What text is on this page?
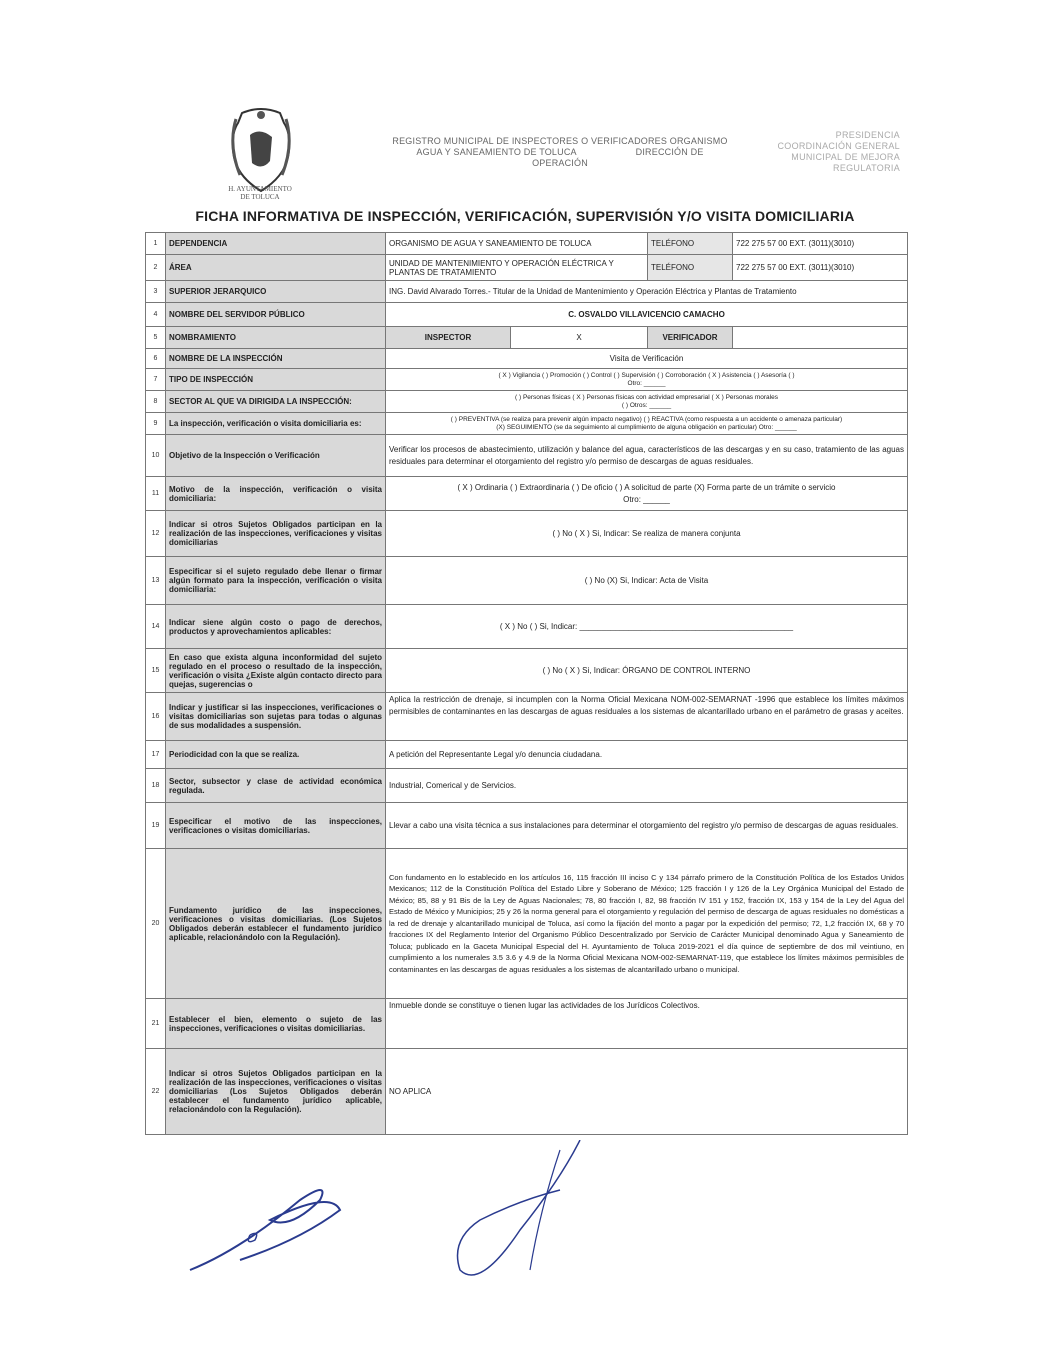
H. AYUNTAMIENTO
DE TOLUCA
REGISTRO MUNICIPAL DE INSPECTORES O VERIFICADORES ORGANISMO
AGUA Y SANEAMIENTO DE TOLUCA                      DIRECCIÓN DE
OPERACIÓN
PRESIDENCIA
COORDINACIÓN GENERAL
MUNICIPAL DE MEJORA
REGULATORIA
FICHA INFORMATIVA DE INSPECCIÓN, VERIFICACIÓN, SUPERVISIÓN Y/O VISITA DOMICILIARIA
1	DEPENDENCIA	ORGANISMO DE AGUA Y SANEAMIENTO DE TOLUCA		TELÉFONO	722 275 57 00 EXT. (3011)(3010)
2	ÁREA	UNIDAD DE MANTENIMIENTO Y OPERACIÓN ELÉCTRICA Y PLANTAS DE TRATAMIENTO		TELÉFONO	722 275 57 00 EXT. (3011)(3010)
3	SUPERIOR JERARQUICO	ING. David Alvarado Torres.- Titular de la Unidad de Mantenimiento y Operación Eléctrica y Plantas de Tratamiento			
4	NOMBRE DEL SERVIDOR PÚBLICO	C. OSVALDO VILLAVICENCIO CAMACHO			
5	NOMBRAMIENTO	INSPECTOR	X	VERIFICADOR	
6	NOMBRE DE LA INSPECCIÓN	Visita de Verificación			
7	TIPO DE INSPECCIÓN	( X ) Vigilancia ( ) Promoción ( ) Control ( ) Supervisión ( ) Corroboración ( X ) Asistencia ( ) Asesoría ( )
Otro: ______			

8	SECTOR AL QUE VA DIRIGIDA LA INSPECCIÓN:	( ) Personas físicas ( X ) Personas físicas con actividad empresarial ( X ) Personas morales
( ) Otros: ______			

9	La inspección, verificación o visita domiciliaria es:	( ) PREVENTIVA (se realiza para prevenir algún impacto negativo) ( ) REACTIVA (como respuesta a un accidente o amenaza particular)
(X) SEGUIMIENTO (se da seguimiento al cumplimiento de alguna obligación en particular) Otro: ______			

10	Objetivo de la Inspección o Verificación	Verificar los procesos de abastecimiento, utilización y balance del agua, característicos de las descargas y en su caso, tratamiento de las aguas residuales para determinar el otorgamiento del registro y/o permiso de descargas de aguas residuales.			
11	Motivo de la inspección, verificación o visita domiciliaria:	( X ) Ordinaria ( ) Extraordinaria ( ) De oficio ( ) A solicitud de parte (X) Forma parte de un trámite o servicio
Otro: ______			

12	Indicar si otros Sujetos Obligados participan en la realización de las inspecciones, verificaciones y visitas domiciliarias	( ) No ( X ) Si, Indicar: Se realiza de manera conjunta			
13	Especificar si el sujeto regulado debe llenar o firmar algún formato para la inspección, verificación o visita domiciliaria:	( ) No (X) Si, Indicar: Acta de Visita			
14	Indicar siene algún costo o pago de derechos, productos y aprovechamientos aplicables:	( X ) No ( ) Si, Indicar: ________________________________________________			
15	En caso que exista alguna inconformidad del sujeto regulado en el proceso o resultado de la inspección, verificación o visita ¿Existe algún contacto directo para quejas, sugerencias o	( ) No ( X ) Si, Indicar: ÓRGANO DE CONTROL INTERNO			
16	Indicar y justificar si las inspecciones, verificaciones o visitas domiciliarias son sujetas para todas o algunas de sus modalidades a suspensión.	Aplica la restricción de drenaje, si incumplen con la Norma Oficial Mexicana NOM-002-SEMARNAT -1996 que establece los límites máximos permisibles de contaminantes en las descargas de aguas residuales a los sistemas de alcantarillado urbano en el parámetro de grasas y aceites.			
17	Periodicidad con la que se realiza.	A petición del Representante Legal y/o denuncia ciudadana.			
18	Sector, subsector y clase de actividad económica regulada.	Industrial, Comerical y de Servicios.			
19	Especificar el motivo de las inspecciones, verificaciones o visitas domiciliarias.	Llevar a cabo una visita técnica a sus instalaciones para determinar el otorgamiento del registro y/o permiso de descargas de aguas residuales.			
20	Fundamento jurídico de las inspecciones, verificaciones o visitas domiciliarias. (Los Sujetos Obligados deberán establecer el fundamento jurídico aplicable, relacionándolo con la Regulación).	Con fundamento en lo establecido en los artículos 16, 115 fracción III inciso C y 134 párrafo primero de la Constitución Política de los Estados Unidos Mexicanos; 112 de la Constitución Política del Estado Libre y Soberano de México; 125 fracción I y 126 de la Ley Orgánica Municipal del Estado de México; 85, 88 y 91 Bis de la Ley de Aguas Nacionales; 78, 80 fracción I, 82, 98 fracción IV 151 y 152, fracción IX, 153 y 154 de la Ley del Agua del Estado de México y Municipios; 25 y 26 la norma general para el otorgamiento y regulación del permiso de descarga de aguas residuales no domésticas a la red de drenaje y alcantarillado municipal de Toluca, así como la fijación del monto a pagar por la expedición del permiso; 72, 1,2 fracción IX, 68 y 70 fracciones IX del Reglamento Interior del Organismo Público Descentralizado por Servicio de Carácter Municipal denominado Agua y Saneamiento de Toluca; publicado en la Gaceta Municipal Especial del H. Ayuntamiento de Toluca 2019-2021 el día quince de septiembre de dos mil veintiuno, en cumplimiento a los numerales 3.5 3.6 y 4.9 de la Norma Oficial Mexicana NOM-002-SEMARNAT-119, que establece los límites máximos permisibles de contaminantes en las descargas de aguas residuales a los sistemas de alcantarillado urbano o municipal.			
21	Establecer el bien, elemento o sujeto de las inspecciones, verificaciones o visitas domiciliarias.	Inmueble donde se constituye o tienen lugar las actividades de los Jurídicos Colectivos.			
22	Indicar si otros Sujetos Obligados participan en la realización de las inspecciones, verificaciones o visitas domiciliarias (Los Sujetos Obligados deberán establecer el fundamento jurídico aplicable, relacionándolo con la Regulación).	NO APLICA			
